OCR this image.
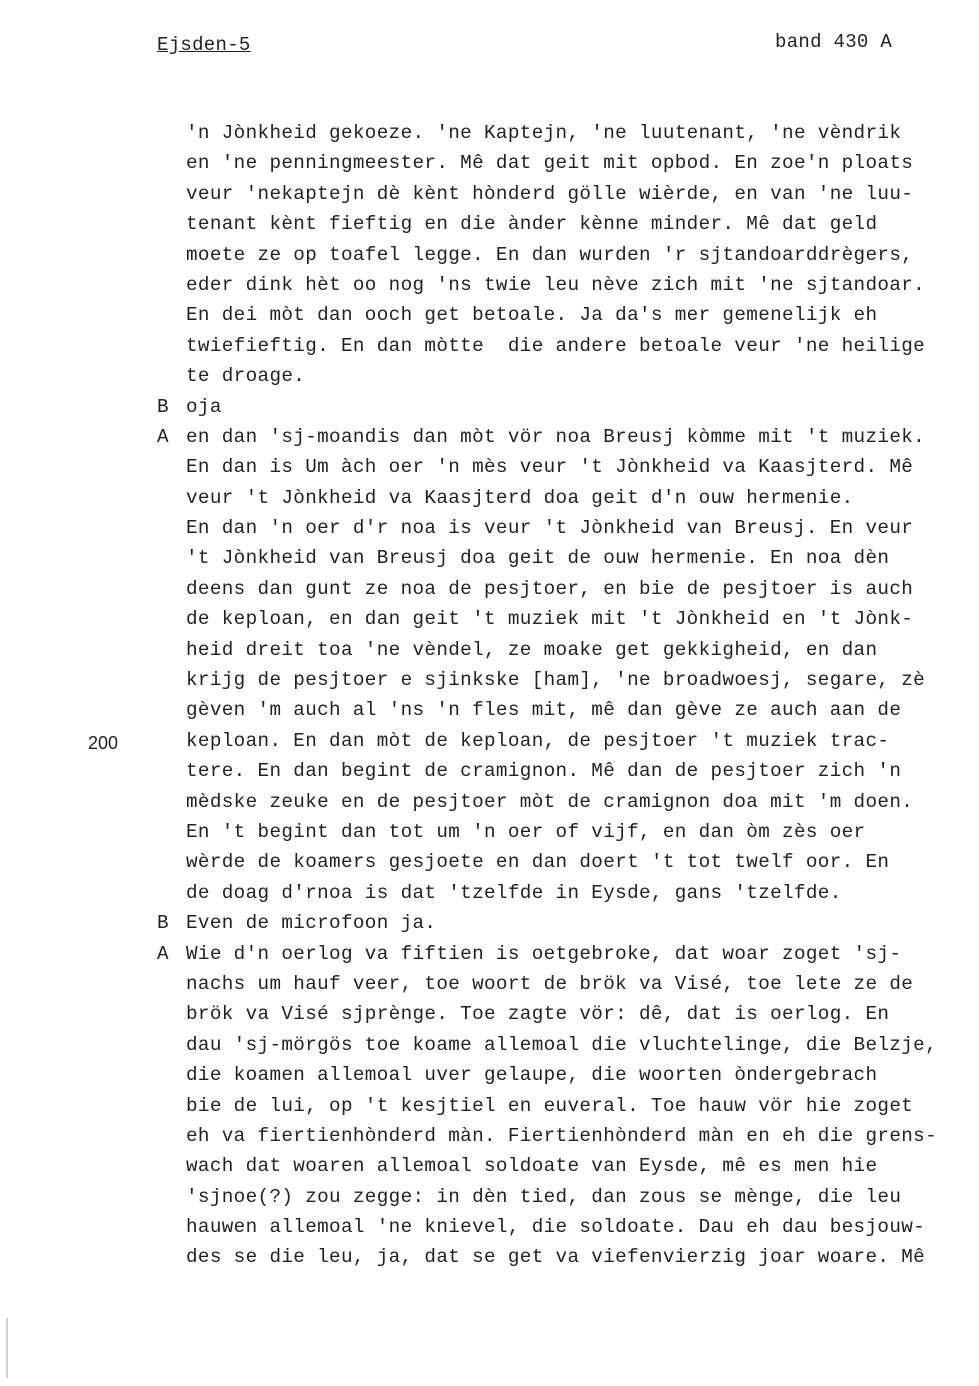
Ejsden-5	band 430 A
200
'n Jònkheid gekoeze. 'ne Kaptejn, 'ne luutenant, 'ne vèndrik
en 'ne penningmeester. Mê dat geit mit opbod. En zoe'n ploats
veur 'nekaptejn dè kènt hònderd gölle wièrde, en van 'ne luu-
tenant kènt fieftig en die ànder kènne minder. Mê dat geld
moete ze op toafel legge. En dan wurden 'r sjtandoarddrègers,
eder dink hèt oo nog 'ns twie leu nève zich mit 'ne sjtandoar.
En dei mòt dan ooch get betoale. Ja da's mer gemenelijk eh
twiefieftig. En dan mòtte  die andere betoale veur 'ne heilige
te droage.
B oja
A en dan 'sj-moandis dan mòt vör noa Breusj kòmme mit 't muziek.
En dan is Um àch oer 'n mès veur 't Jònkheid va Kaasjterd. Mê
veur 't Jònkheid va Kaasjterd doa geit d'n ouw hermenie.
En dan 'n oer d'r noa is veur 't Jònkheid van Breusj. En veur
't Jònkheid van Breusj doa geit de ouw hermenie. En noa dèn
deens dan gunt ze noa de pesjtoer, en bie de pesjtoer is auch
de keploan, en dan geit 't muziek mit 't Jònkheid en 't Jònk-
heid dreit toa 'ne vèndel, ze moake get gekkigheid, en dan
krijg de pesjtoer e sjinkske [ham], 'ne broadwoesj, segare, zè
gèven 'm auch al 'ns 'n fles mit, mê dan gève ze auch aan de
keploan. En dan mòt de keploan, de pesjtoer 't muziek trac-
tere. En dan begint de cramignon. Mê dan de pesjtoer zich 'n
mèdske zeuke en de pesjtoer mòt de cramignon doa mit 'm doen.
En 't begint dan tot um 'n oer of vijf, en dan òm zès oer
wèrde de koamers gesjoete en dan doert 't tot twelf oor. En
de doag d'rnoa is dat 'tzelfde in Eysde, gans 'tzelfde.
B Even de microfoon ja.
A Wie d'n oerlog va fiftien is oetgebroke, dat woar zoget 'sj-
nachs um hauf veer, toe woort de brök va Visé, toe lete ze de
brök va Visé sjprènge. Toe zagte vör: dê, dat is oerlog. En
dau 'sj-mörgös toe koame allemoal die vluchtelinge, die Belzje,
die koamen allemoal uver gelaupe, die woorten òndergebrach
bie de lui, op 't kesjtiel en euveral. Toe hauw vör hie zoget
eh va fiertienhònderd màn. Fiertienhònderd màn en eh die grens-
wach dat woaren allemoal soldoate van Eysde, mê es men hie
'sjnoe(?) zou zegge: in dèn tied, dan zous se mènge, die leu
hauwen allemoal 'ne knievel, die soldoate. Dau eh dau besjouw-
des se die leu, ja, dat se get va viefenvierzig joar woare. Mê
